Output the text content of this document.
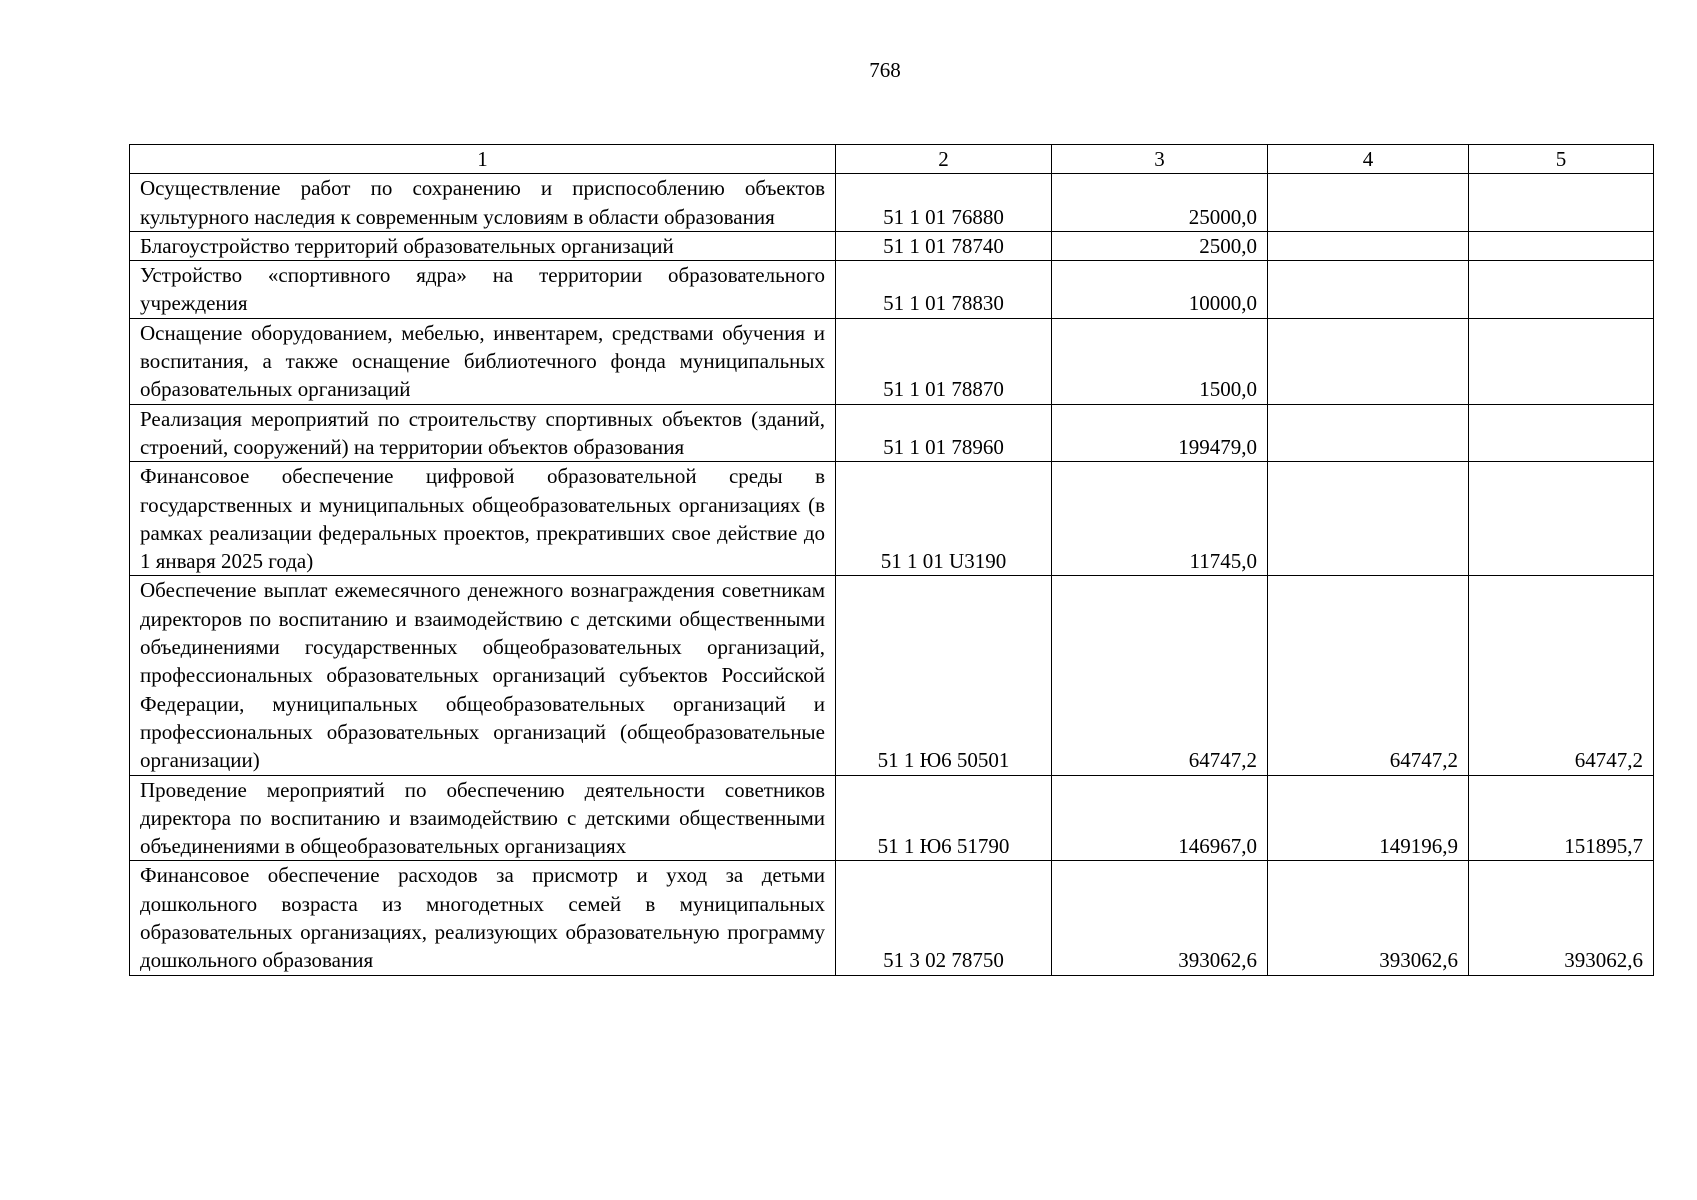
768
1	2	3	4	5
Осуществление работ по сохранению и приспособлению объектов культурного наследия к современным условиям в области образования	51 1 01 76880	25000,0		
Благоустройство территорий образовательных организаций	51 1 01 78740	2500,0		
Устройство «спортивного ядра» на территории образовательного учреждения	51 1 01 78830	10000,0		
Оснащение оборудованием, мебелью, инвентарем, средствами обучения и воспитания, а также оснащение библиотечного фонда муниципальных образовательных организаций	51 1 01 78870	1500,0		
Реализация мероприятий по строительству спортивных объектов (зданий, строений, сооружений) на территории объектов образования	51 1 01 78960	199479,0		
Финансовое обеспечение цифровой образовательной среды в государственных и муниципальных общеобразовательных организациях (в рамках реализации федеральных проектов, прекративших свое действие до 1 января 2025 года)	51 1 01 U3190	11745,0		
Обеспечение выплат ежемесячного денежного вознаграждения советникам директоров по воспитанию и взаимодействию с детскими общественными объединениями государственных общеобразовательных организаций, профессиональных образовательных организаций субъектов Российской Федерации, муниципальных общеобразовательных организаций и профессиональных образовательных организаций (общеобразовательные организации)	51 1 Ю6 50501	64747,2	64747,2	64747,2
Проведение мероприятий по обеспечению деятельности советников директора по воспитанию и взаимодействию с детскими общественными объединениями в общеобразовательных организациях	51 1 Ю6 51790	146967,0	149196,9	151895,7
Финансовое обеспечение расходов за присмотр и уход за детьми дошкольного возраста из многодетных семей в муниципальных образовательных организациях, реализующих образовательную программу дошкольного образования	51 3 02 78750	393062,6	393062,6	393062,6
